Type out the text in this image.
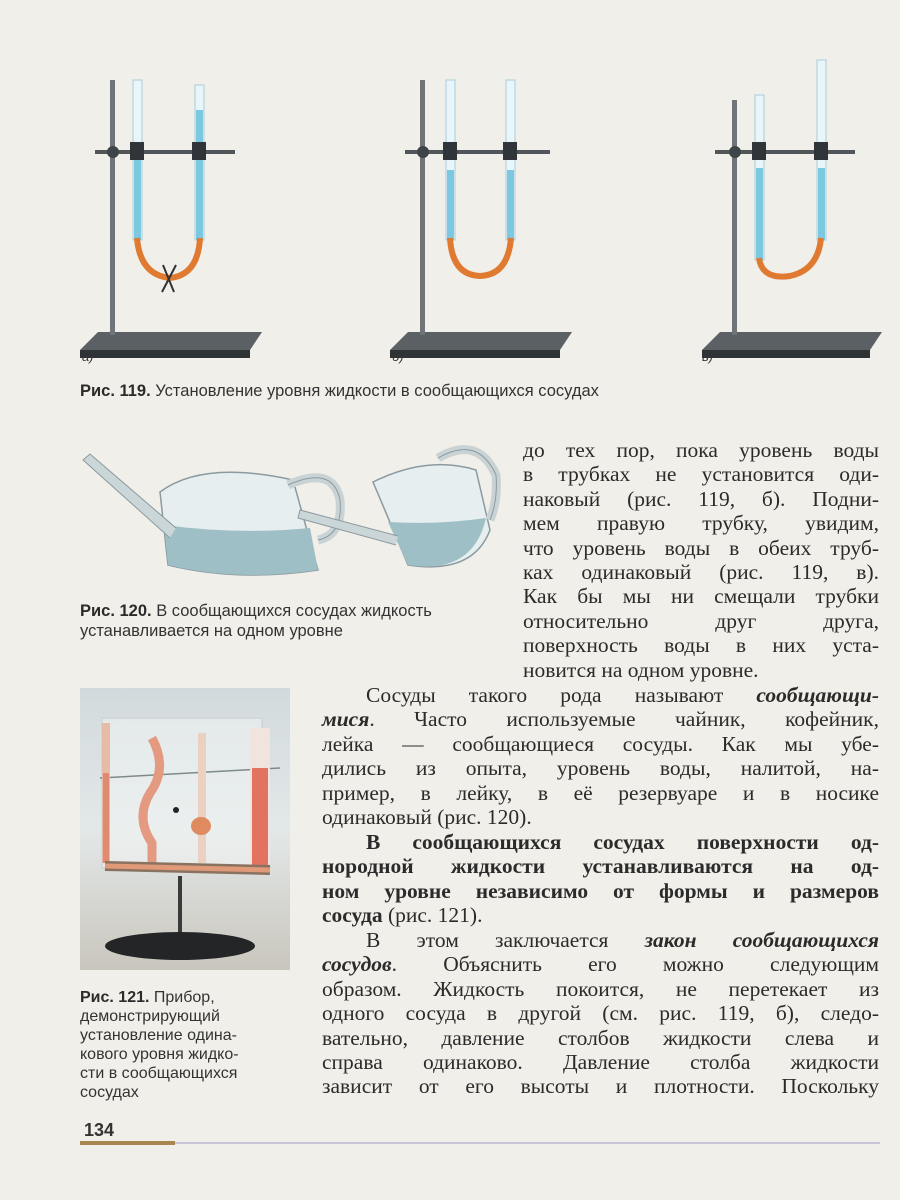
а)	б)	в)
Рис. 119. Установление уровня жидкости в сообщающихся сосудах
Рис. 120. В сообщающихся сосудах жидкость
устанавливается на одном уровне
Рис. 121. Прибор,
демонстрирующий
установление одина-
кового уровня жидко-
сти в сообщающихся
сосудах
до тех пор, пока уровень воды
в трубках не установится оди-
наковый (рис. 119, б). Подни-
мем правую трубку, увидим,
что уровень воды в обеих труб-
ках одинаковый (рис. 119, в).
Как бы мы ни смещали трубки
относительно друг друга,
поверхность воды в них уста-
новится на одном уровне.
Сосуды такого рода называют сообщающи-
мися. Часто используемые чайник, кофейник,
лейка — сообщающиеся сосуды. Как мы убе-
дились из опыта, уровень воды, налитой, на-
пример, в лейку, в её резервуаре и в носике
одинаковый (рис. 120).
В сообщающихся сосудах поверхности од-
нородной жидкости устанавливаются на од-
ном уровне независимо от формы и размеров
сосуда (рис. 121).
В этом заключается закон сообщающихся
сосудов. Объяснить его можно следующим
образом. Жидкость покоится, не перетекает из
одного сосуда в другой (см. рис. 119, б), следо-
вательно, давление столбов жидкости слева и
справа одинаково. Давление столба жидкости
зависит от его высоты и плотности. Поскольку
134
